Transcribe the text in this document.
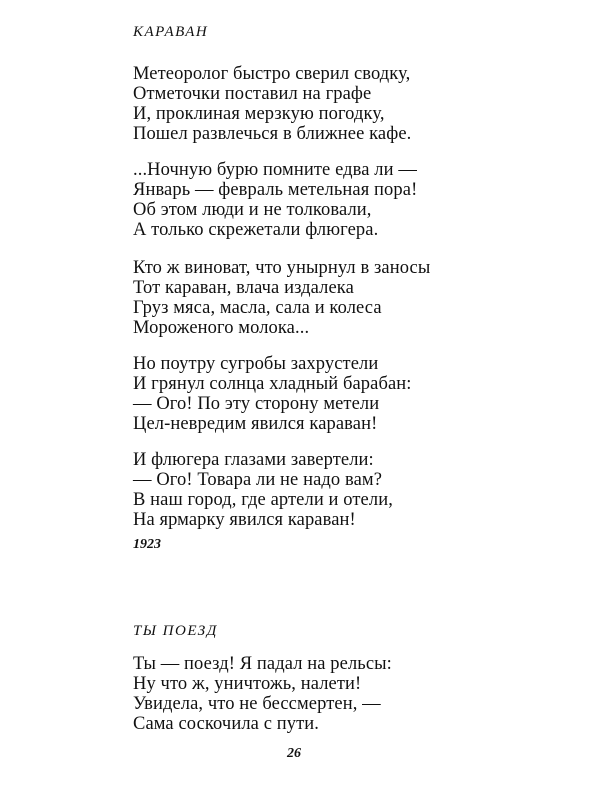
КАРАВАН
Метеоролог быстро сверил сводку,
Отметочки поставил на графе
И, проклиная мерзкую погодку,
Пошел развлечься в ближнее кафе.
...Ночную бурю помните едва ли —
Январь — февраль метельная пора!
Об этом люди и не толковали,
А только скрежетали флюгера.
Кто ж виноват, что унырнул в заносы
Тот караван, влача издалека
Груз мяса, масла, сала и колеса
Мороженого молока...
Но поутру сугробы захрустели
И грянул солнца хладный барабан:
— Ого! По эту сторону метели
Цел-невредим явился караван!
И флюгера глазами завертели:
— Ого! Товара ли не надо вам?
В наш город, где артели и отели,
На ярмарку явился караван!

1923

ТЫ ПОЕЗД
Ты — поезд! Я падал на рельсы:
Ну что ж, уничтожь, налети!
Увидела, что не бессмертен, —
Сама соскочила с пути.

26
